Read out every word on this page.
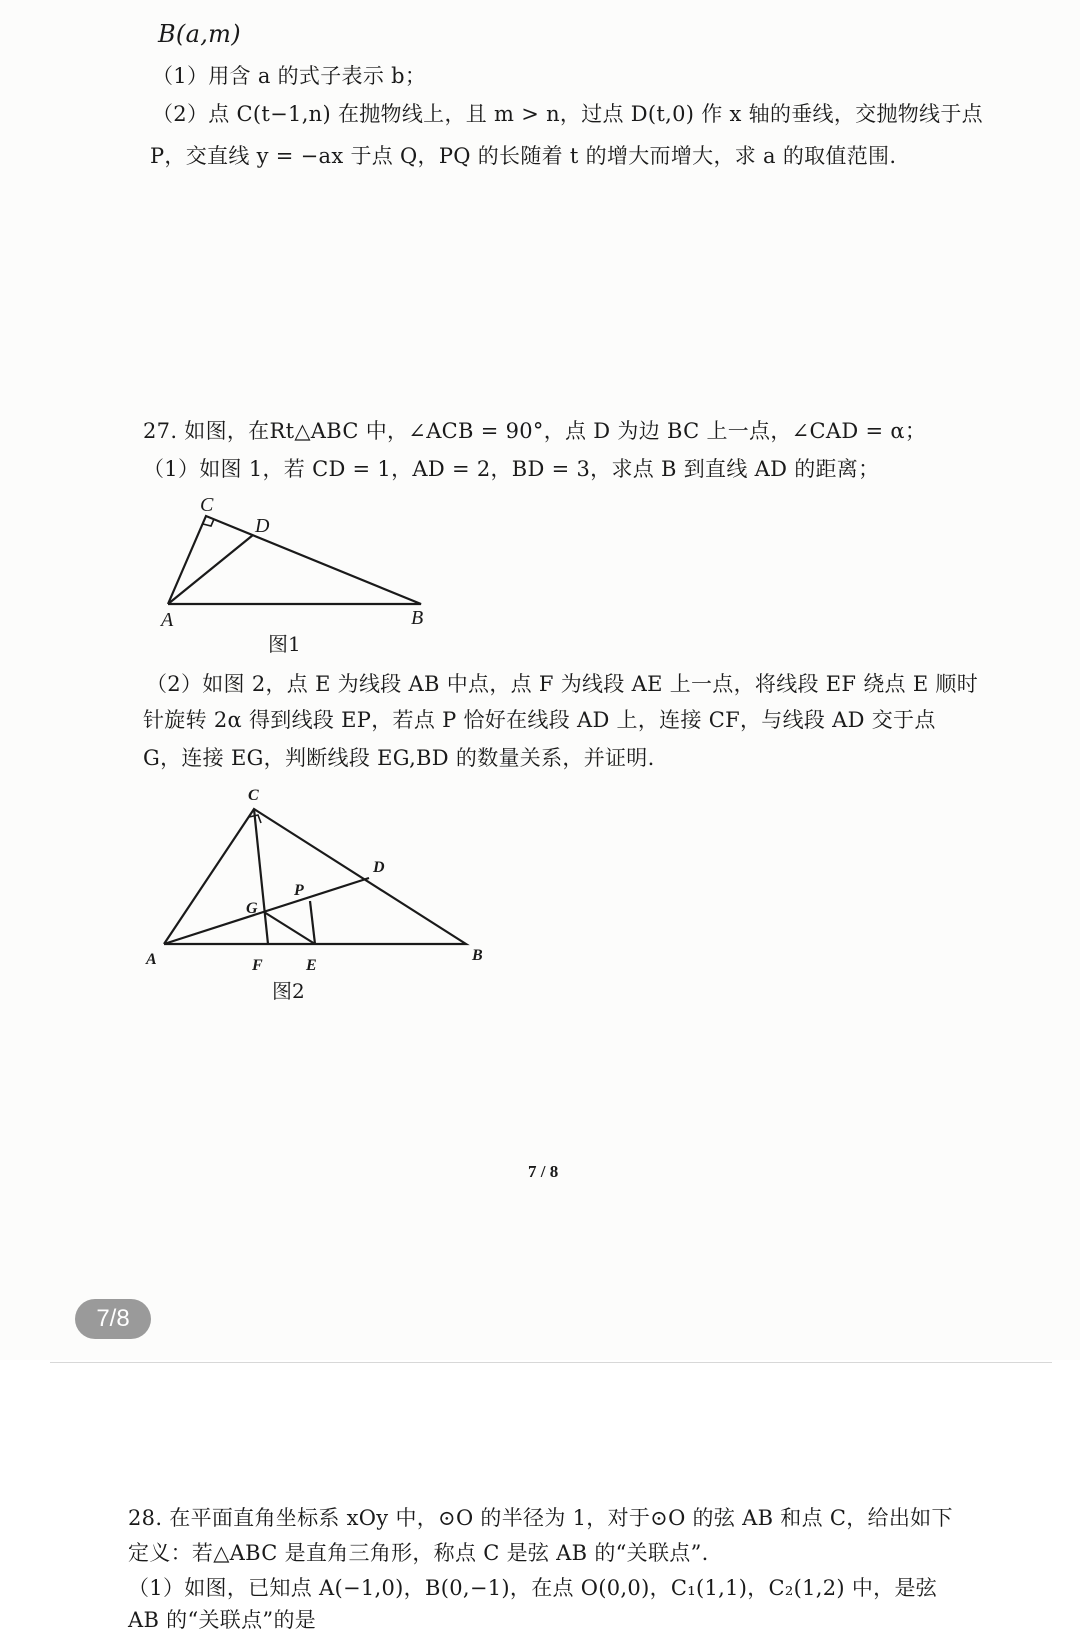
B(a,m)
（1）用含 a 的式子表示 b；
（2）点 C(t−1,n) 在抛物线上，且 m > n，过点 D(t,0) 作 x 轴的垂线，交抛物线于点
P，交直线 y = −ax 于点 Q，PQ 的长随着 t 的增大而增大，求 a 的取值范围.
27. 如图，在Rt△ABC 中，∠ACB = 90°，点 D 为边 BC 上一点，∠CAD = α；
（1）如图 1，若 CD = 1，AD = 2，BD = 3，求点 B 到直线 AD 的距离；
C
D
A	B
图1
（2）如图 2，点 E 为线段 AB 中点，点 F 为线段 AE 上一点，将线段 EF 绕点 E 顺时
针旋转 2α 得到线段 EP，若点 P 恰好在线段 AD 上，连接 CF，与线段 AD 交于点
G，连接 EG，判断线段 EG,BD 的数量关系，并证明.
C
D
P
G
A	F	E
B
图2
7 / 8
7/8
28. 在平面直角坐标系 xOy 中，⊙O 的半径为 1，对于⊙O 的弦 AB 和点 C，给出如下
定义：若△ABC 是直角三角形，称点 C 是弦 AB 的“关联点”.
（1）如图，已知点 A(−1,0)，B(0,−1)，在点 O(0,0)，C₁(1,1)，C₂(1,2) 中，是弦
AB 的“关联点”的是
